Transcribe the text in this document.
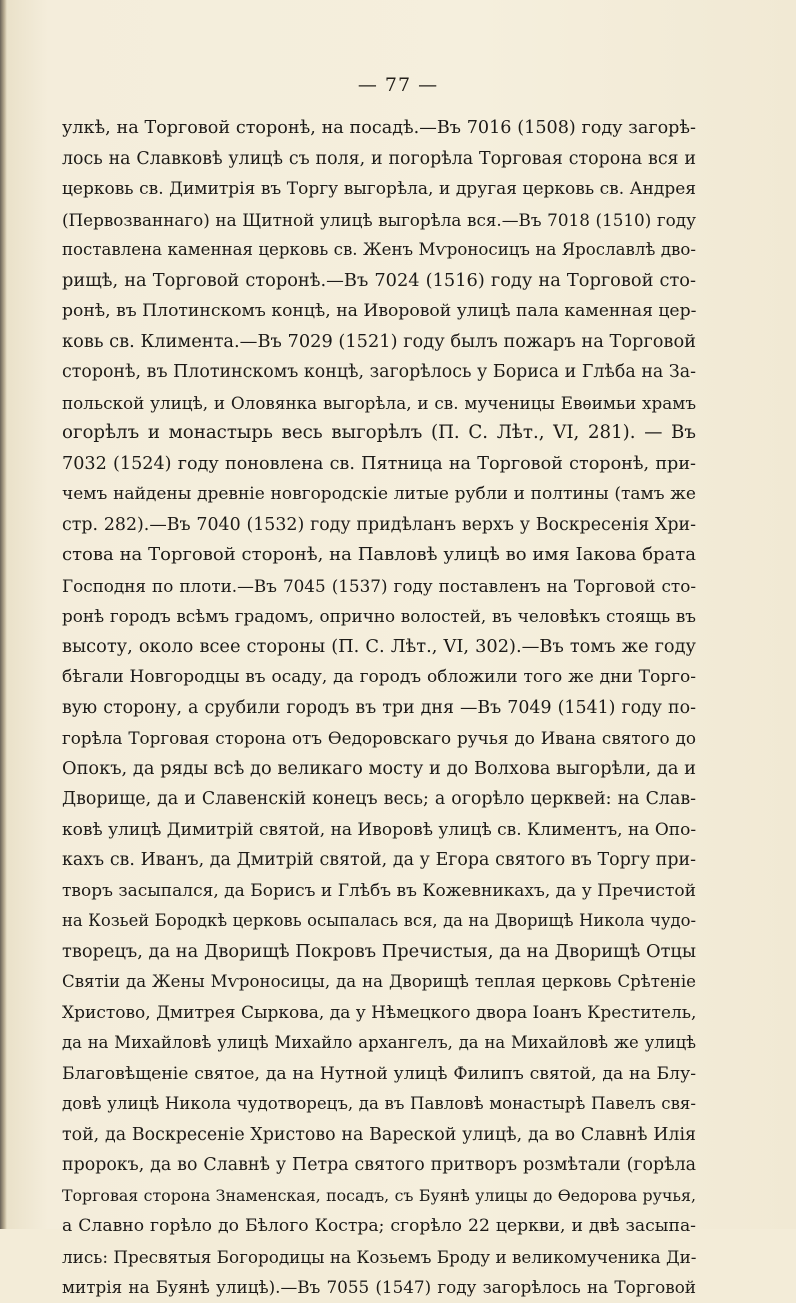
— 77 —
улкѣ, на Торговой сторонѣ, на посадѣ.—Въ 7016 (1508) году загорѣ-
лось на Славковѣ улицѣ съ поля, и погорѣла Торговая сторона вся и
церковь св. Димитрія въ Торгу выгорѣла, и другая церковь св. Андрея
(Первозваннаго) на Щитной улицѣ выгорѣла вся.—Въ 7018 (1510) году
поставлена каменная церковь св. Женъ Мѵроносицъ на Ярославлѣ дво-
рищѣ, на Торговой сторонѣ.—Въ 7024 (1516) году на Торговой сто-
ронѣ, въ Плотинскомъ концѣ, на Иворовой улицѣ пала каменная цер-
ковь св. Климента.—Въ 7029 (1521) году былъ пожаръ на Торговой
сторонѣ, въ Плотинскомъ концѣ, загорѣлось у Бориса и Глѣба на За-
польской улицѣ, и Оловянка выгорѣла, и св. мученицы Евѳимьи храмъ
огорѣлъ и монастырь весь выгорѣлъ (П. С. Лѣт., VI, 281). — Въ
7032 (1524) году поновлена св. Пятница на Торговой сторонѣ, при-
чемъ найдены древніе новгородскіе литые рубли и полтины (тамъ же
стр. 282).—Въ 7040 (1532) году придѣланъ верхъ у Воскресенія Хри-
стова на Торговой сторонѣ, на Павловѣ улицѣ во имя Іакова брата
Господня по плоти.—Въ 7045 (1537) году поставленъ на Торговой сто-
ронѣ городъ всѣмъ градомъ, опрично волостей, въ человѣкъ стоящь въ
высоту, около всее стороны (П. С. Лѣт., VI, 302).—Въ томъ же году
бѣгали Новгородцы въ осаду, да городъ обложили того же дни Торго-
вую сторону, а срубили городъ въ три дня —Въ 7049 (1541) году по-
горѣла Торговая сторона отъ Ѳедоровскаго ручья до Ивана святого до
Опокъ, да ряды всѣ до великаго мосту и до Волхова выгорѣли, да и
Дворище, да и Славенскій конецъ весь; а огорѣло церквей: на Слав-
ковѣ улицѣ Димитрій святой, на Иворовѣ улицѣ св. Климентъ, на Опо-
кахъ св. Иванъ, да Дмитрій святой, да у Егора святого въ Торгу при-
творъ засыпался, да Борисъ и Глѣбъ въ Кожевникахъ, да у Пречистой
на Козьей Бородкѣ церковь осыпалась вся, да на Дворищѣ Никола чудо-
творецъ, да на Дворищѣ Покровъ Пречистыя, да на Дворищѣ Отцы
Святіи да Жены Мѵроносицы, да на Дворищѣ теплая церковь Срѣтеніе
Христово, Дмитрея Сыркова, да у Нѣмецкого двора Іоанъ Креститель,
да на Михайловѣ улицѣ Михайло архангелъ, да на Михайловѣ же улицѣ
Благовѣщеніе святое, да на Нутной улицѣ Филипъ святой, да на Блу-
довѣ улицѣ Никола чудотворецъ, да въ Павловѣ монастырѣ Павелъ свя-
той, да Воскресеніе Христово на Вареской улицѣ, да во Славнѣ Илія
пророкъ, да во Славнѣ у Петра святого притворъ розмѣтали (горѣла
Торговая сторона Знаменская, посадъ, съ Буянѣ улицы до Ѳедорова ручья,
а Славно горѣло до Бѣлого Костра; сгорѣло 22 церкви, и двѣ засыпа-
лись: Пресвятыя Богородицы на Козьемъ Броду и великомученика Ди-
митрія на Буянѣ улицѣ).—Въ 7055 (1547) году загорѣлось на Торговой
